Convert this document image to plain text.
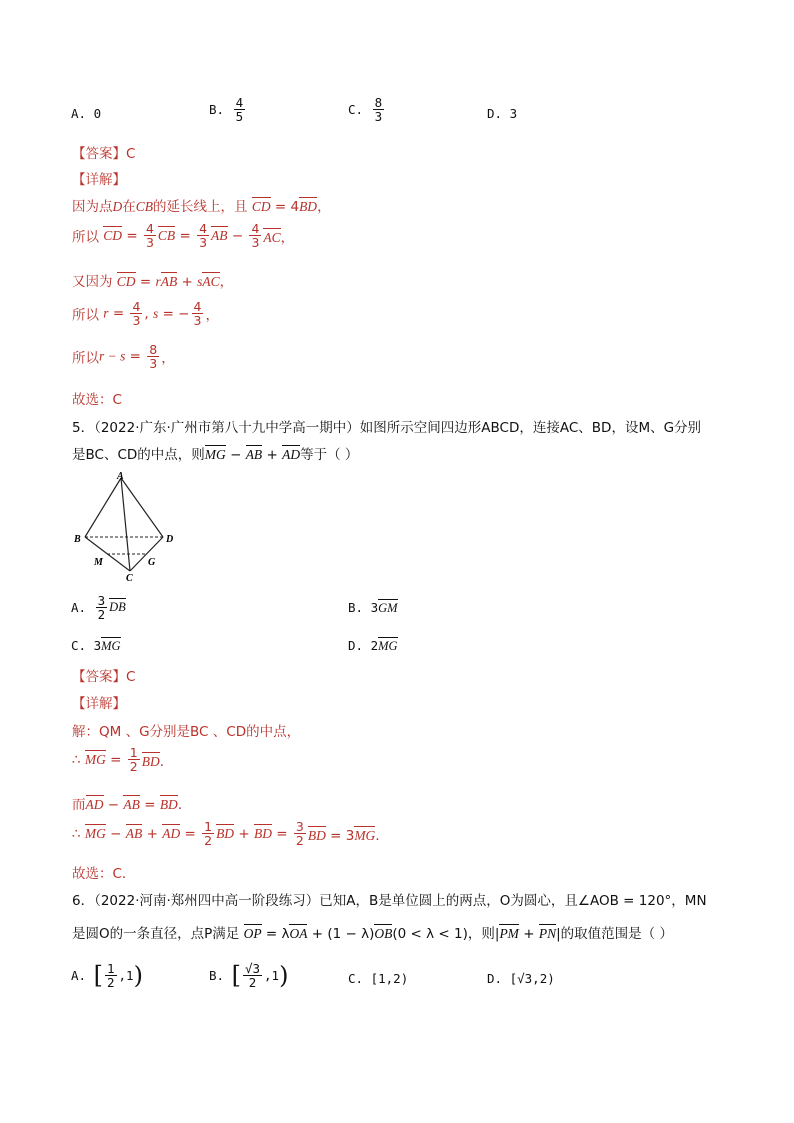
A. 0	B. $\frac{4}{5}$	C. $\frac{8}{3}$	D. 3
【答案】C
【详解】
因为点D在CB的延长线上，且 CD = 4BD，
所以 CD = $\frac{4}{3}$ CB = $\frac{4}{3}$ AB − $\frac{4}{3}$ AC，
又因为 CD = rAB + sAC，
所以 $r = \frac{4}{3}$ , s = − $\frac{4}{3}$ ，
所以$r - s = \frac{8}{3}$ ，
故选：C
5．（2022·广东·广州市第八十九中学高一期中）如图所示空间四边形ABCD，连接AC、BD，设M、G分别
是BC、CD的中点，则MG − AB + AD等于（ ）
A
B	D
C
M	G
A. $\frac{3}{2}$ DB	B. 3GM
C. 3MG	D. 2MG
【答案】C
【详解】
解：QM 、G分别是BC 、CD的中点，
∴ MG = $\frac{1}{2}$ BD．
而AD − AB = BD．
∴ MG − AB + AD = $\frac{1}{2}$ BD + BD = $\frac{3}{2}$ BD = 3MG．
故选：C．
6．（2022·河南·郑州四中高一阶段练习）已知A，B是单位圆上的两点，O为圆心，且∠AOB = 120°，MN
是圆O的一条直径，点P满足 OP = λOA + (1 − λ)OB(0 < λ < 1)，则|PM + PN|的取值范围是（ ）
A. [ $\frac{1}{2} ,1$)	B. [ $\frac{√3}{2} ,1$)	C. [1,2)	D. [√3,2)
